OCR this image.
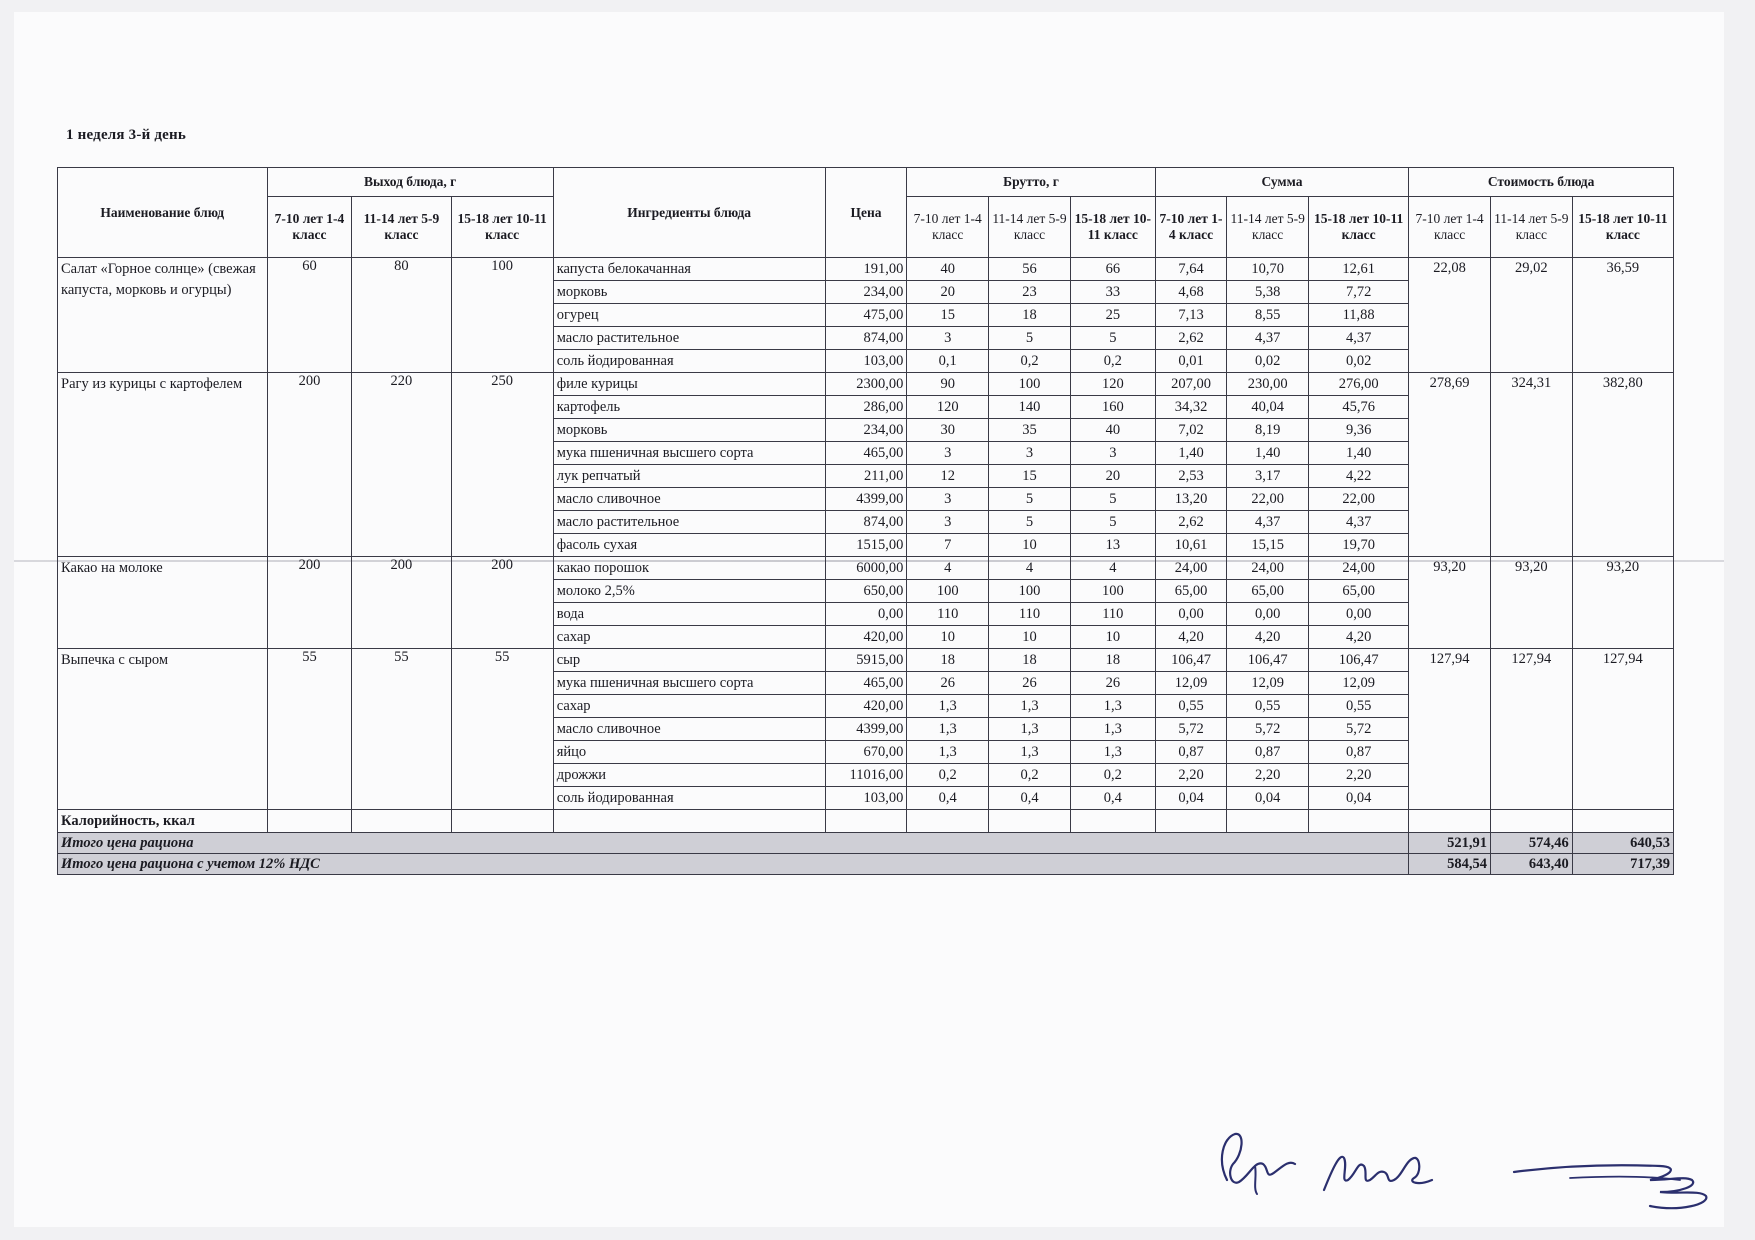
1 неделя 3-й день
Наименование блюд	Выход блюда, г			Ингредиенты блюда	Цена	Брутто, г			Сумма			Стоимость блюда		
	7-10 лет 1-4 класс	11-14 лет 5-9 класс	15-18 лет 10-11 класс			7-10 лет 1-4 класс	11-14 лет 5-9 класс	15-18 лет 10-11 класс	7-10 лет 1-4 класс	11-14 лет 5-9 класс	15-18 лет 10-11 класс	7-10 лет 1-4 класс	11-14 лет 5-9 класс	15-18 лет 10-11 класс
Салат «Горное солнце» (свежая капуста, морковь и огурцы)	60	80	100	капуста белокачанная	191,00	40	56	66	7,64	10,70	12,61	22,08	29,02	36,59
				морковь	234,00	20	23	33	4,68	5,38	7,72			
				огурец	475,00	15	18	25	7,13	8,55	11,88			
				масло растительное	874,00	3	5	5	2,62	4,37	4,37			
				соль йодированная	103,00	0,1	0,2	0,2	0,01	0,02	0,02			
Рагу из курицы с картофелем	200	220	250	филе курицы	2300,00	90	100	120	207,00	230,00	276,00	278,69	324,31	382,80
				картофель	286,00	120	140	160	34,32	40,04	45,76			
				морковь	234,00	30	35	40	7,02	8,19	9,36			
				мука пшеничная высшего сорта	465,00	3	3	3	1,40	1,40	1,40			
				лук репчатый	211,00	12	15	20	2,53	3,17	4,22			
				масло сливочное	4399,00	3	5	5	13,20	22,00	22,00			
				масло растительное	874,00	3	5	5	2,62	4,37	4,37			
				фасоль сухая	1515,00	7	10	13	10,61	15,15	19,70			
Какао на молоке	200	200	200	какао порошок	6000,00	4	4	4	24,00	24,00	24,00	93,20	93,20	93,20
				молоко 2,5%	650,00	100	100	100	65,00	65,00	65,00			
				вода	0,00	110	110	110	0,00	0,00	0,00			
				сахар	420,00	10	10	10	4,20	4,20	4,20			
Выпечка с сыром	55	55	55	сыр	5915,00	18	18	18	106,47	106,47	106,47	127,94	127,94	127,94
				мука пшеничная высшего сорта	465,00	26	26	26	12,09	12,09	12,09			
				сахар	420,00	1,3	1,3	1,3	0,55	0,55	0,55			
				масло сливочное	4399,00	1,3	1,3	1,3	5,72	5,72	5,72			
				яйцо	670,00	1,3	1,3	1,3	0,87	0,87	0,87			
				дрожжи	11016,00	0,2	0,2	0,2	2,20	2,20	2,20			
				соль йодированная	103,00	0,4	0,4	0,4	0,04	0,04	0,04			
Калорийность, ккал														
Итого цена рациона												521,91	574,46	640,53
Итого цена рациона с учетом 12% НДС												584,54	643,40	717,39
